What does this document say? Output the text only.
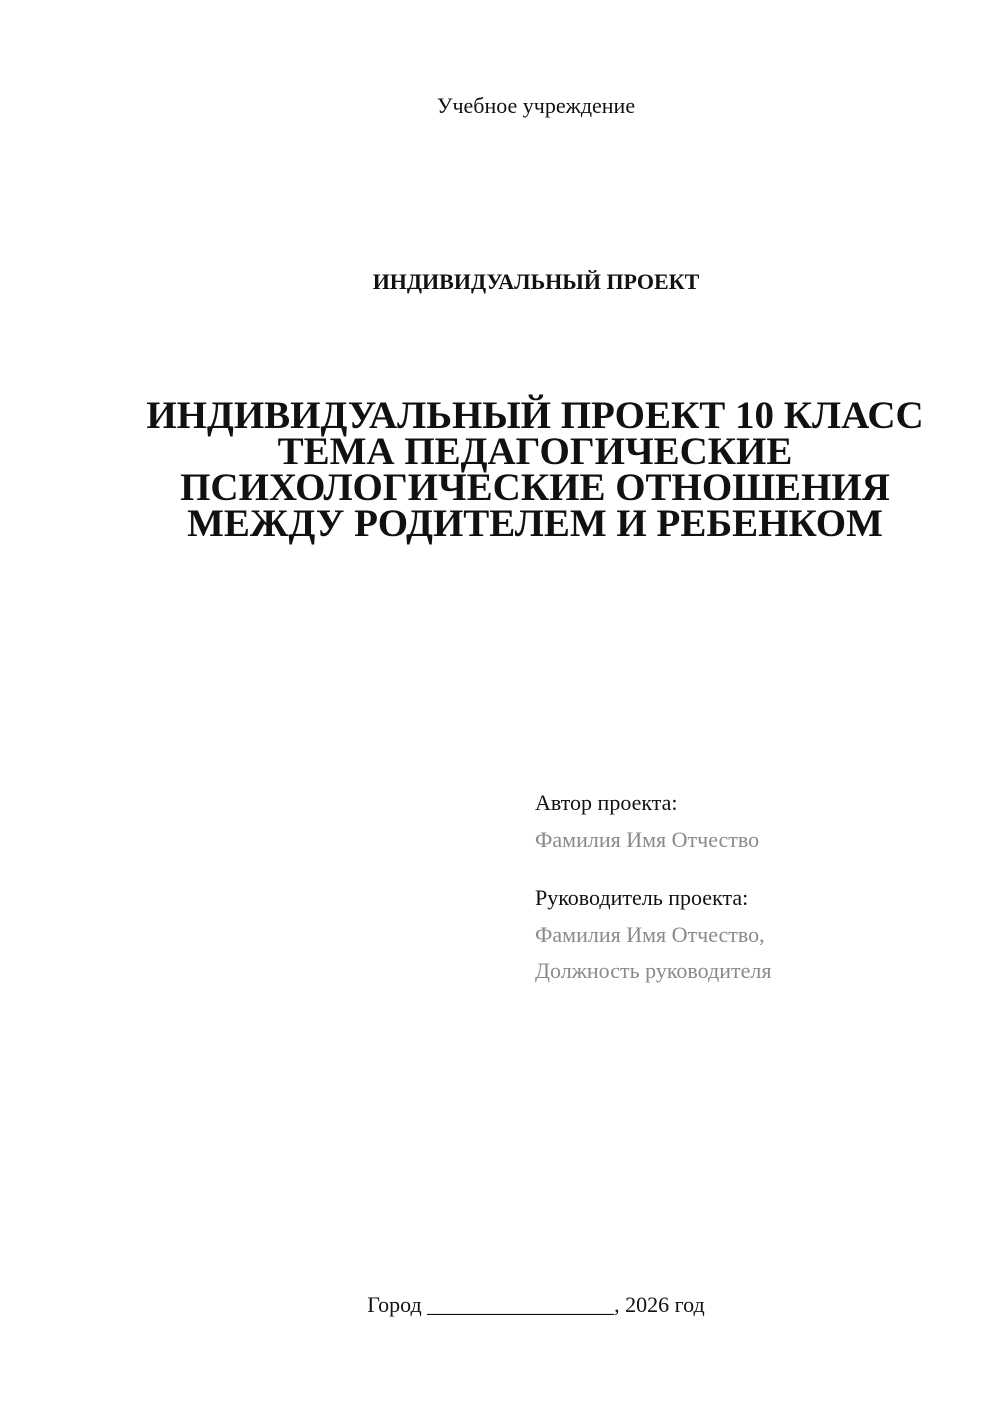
Учебное учреждение
ИНДИВИДУАЛЬНЫЙ ПРОЕКТ
ИНДИВИДУАЛЬНЫЙ ПРОЕКТ 10 КЛАСС
ТЕМА ПЕДАГОГИЧЕСКИЕ
ПСИХОЛОГИЧЕСКИЕ ОТНОШЕНИЯ
МЕЖДУ РОДИТЕЛЕМ И РЕБЕНКОМ

Автор проекта:

Фамилия Имя Отчество

Руководитель проекта:

Фамилия Имя Отчество,

Должность руководителя

Город _________________, 2026 год
